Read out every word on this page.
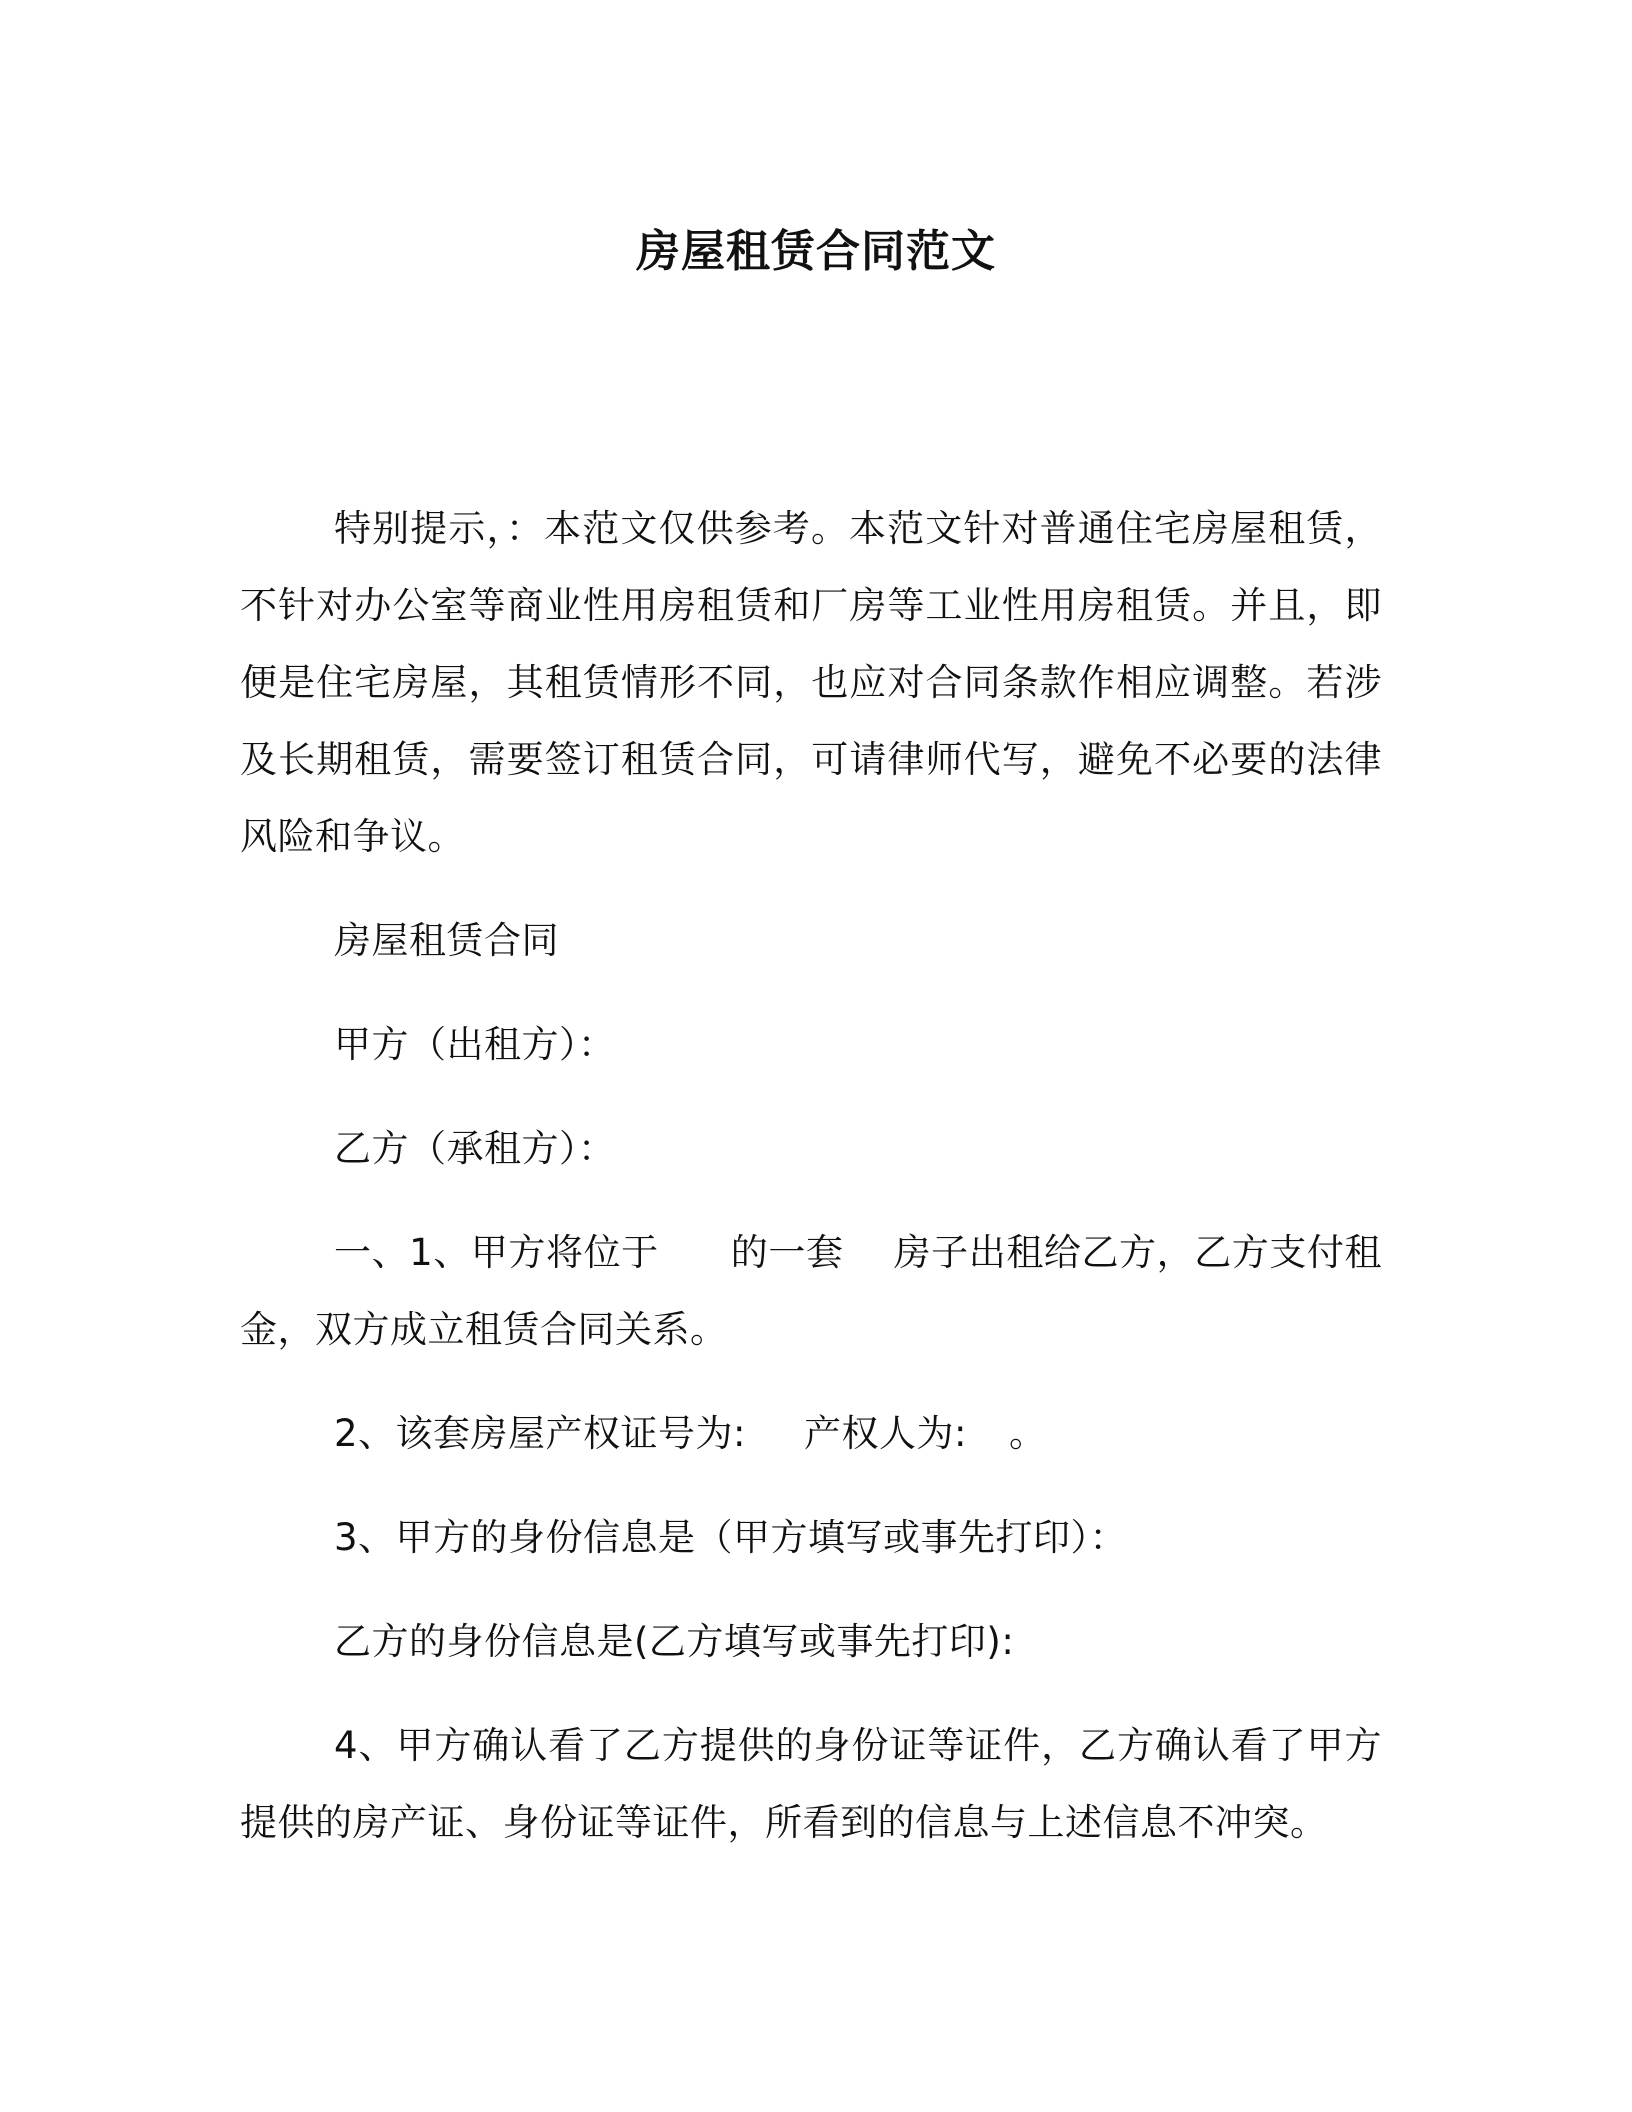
房屋租赁合同范文

特别提示，：本范文仅供参考。本范文针对普通住宅房屋租赁，不针对办公室等商业性用房租赁和厂房等工业性用房租赁。并且，即便是住宅房屋，其租赁情形不同，也应对合同条款作相应调整。若涉及长期租赁，需要签订租赁合同，可请律师代写，避免不必要的法律风险和争议。

房屋租赁合同

甲方（出租方）：

乙方（承租方）：

一、1、甲方将位于 的一套 房子出租给乙方，乙方支付租金，双方成立租赁合同关系。

2、该套房屋产权证号为: 产权人为: 。

3、甲方的身份信息是（甲方填写或事先打印）：

乙方的身份信息是(乙方填写或事先打印):

4、甲方确认看了乙方提供的身份证等证件，乙方确认看了甲方提供的房产证、身份证等证件，所看到的信息与上述信息不冲突。
